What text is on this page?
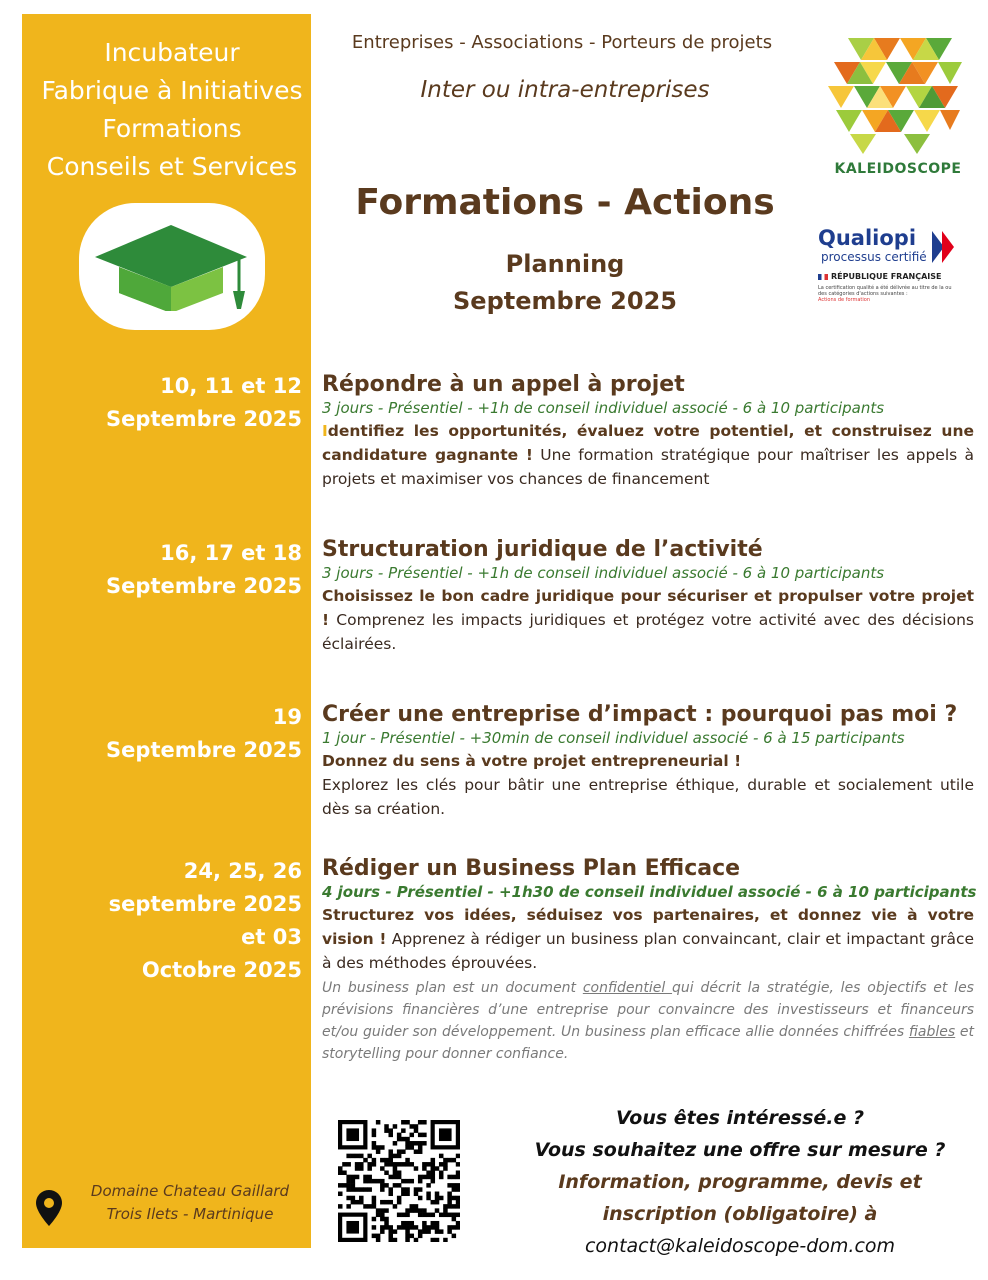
Incubateur
Fabrique à Initiatives
Formations
Conseils et Services
10, 11 et 12
Septembre 2025
16, 17 et 18
Septembre 2025
19
Septembre 2025
24, 25, 26
septembre 2025
et 03
Octobre 2025
Domaine Chateau Gaillard
Trois Ilets - Martinique
Entreprises - Associations - Porteurs de projets
Inter ou intra-entreprises
KALEIDOSCOPE
Formations - Actions
Planning
Septembre 2025
Qualiopi
processus certifié
RÉPUBLIQUE FRANÇAISE
La certification qualité a été délivrée au titre de la ou des catégories d'actions suivantes :
Actions de formation
Répondre à un appel à projet
3 jours - Présentiel - +1h de conseil individuel associé - 6 à 10 participants
Identifiez les opportunités, évaluez votre potentiel, et construisez une candidature gagnante ! Une formation stratégique pour maîtriser les appels à projets et maximiser vos chances de financement
Structuration juridique de l’activité
3 jours - Présentiel - +1h de conseil individuel associé - 6 à 10 participants
Choisissez le bon cadre juridique pour sécuriser et propulser votre projet ! Comprenez les impacts juridiques et protégez votre activité avec des décisions éclairées.
Créer une entreprise d’impact : pourquoi pas moi ?
1 jour - Présentiel - +30min de conseil individuel associé - 6 à 15 participants
Donnez du sens à votre projet entrepreneurial !
Explorez les clés pour bâtir une entreprise éthique, durable et socialement utile dès sa création.
Rédiger un Business Plan Efficace
4 jours - Présentiel - +1h30 de conseil individuel associé - 6 à 10 participants
Structurez vos idées, séduisez vos partenaires, et donnez vie à votre vision ! Apprenez à rédiger un business plan convaincant, clair et impactant grâce à des méthodes éprouvées.
Un business plan est un document confidentiel qui décrit la stratégie, les objectifs et les prévisions financières d’une entreprise pour convaincre des investisseurs et financeurs et/ou guider son développement. Un business plan efficace allie données chiffrées fiables et storytelling pour donner confiance.
Vous êtes intéressé.e ?
Vous souhaitez une offre sur mesure ?
Information, programme, devis et
inscription (obligatoire) à
contact@kaleidoscope-dom.com
